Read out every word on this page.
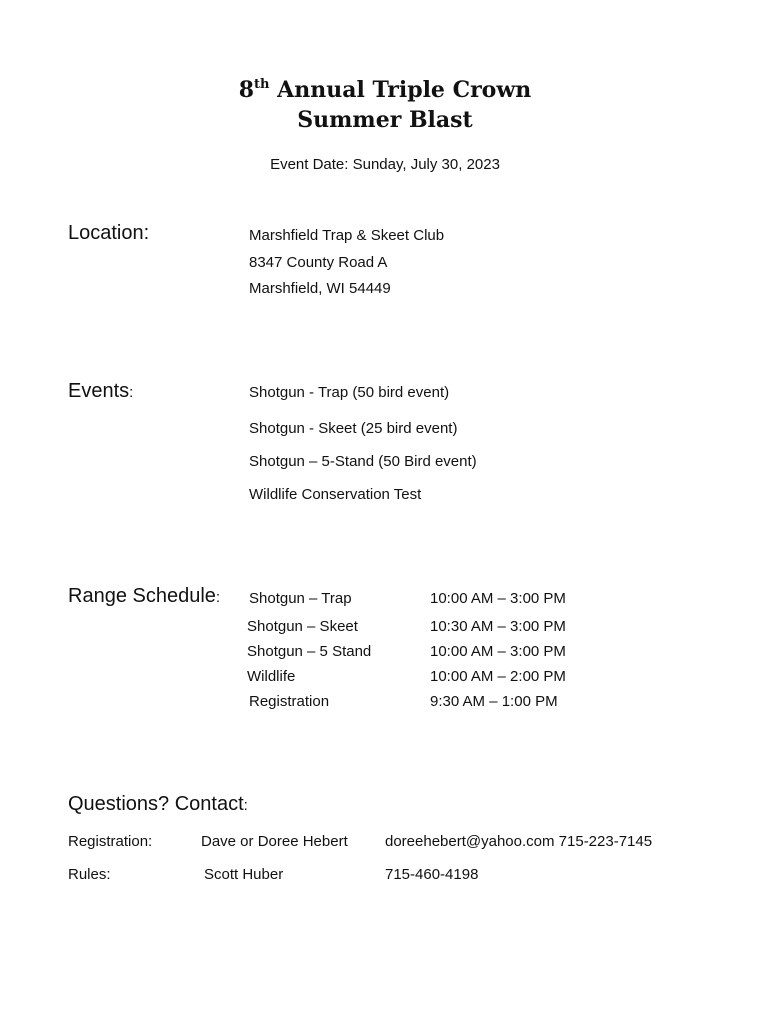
8th Annual Triple Crown
Summer Blast
Event Date: Sunday, July 30, 2023
Location:	Marshfield Trap & Skeet Club
8347 County Road A
Marshfield, WI 54449
Events:	Shotgun - Trap (50 bird event)
Shotgun - Skeet (25 bird event)
Shotgun – 5-Stand (50 Bird event)
Wildlife Conservation Test
Range Schedule: Shotgun – Trap	10:00 AM – 3:00 PM
Shotgun – Skeet	10:30 AM – 3:00 PM
Shotgun – 5 Stand	10:00 AM – 3:00 PM
Wildlife	10:00 AM – 2:00 PM
Registration	9:30 AM – 1:00 PM
Questions? Contact:
Registration:	Dave or Doree Hebert doreehebert@yahoo.com 715-223-7145
Rules:	Scott Huber	715-460-4198
